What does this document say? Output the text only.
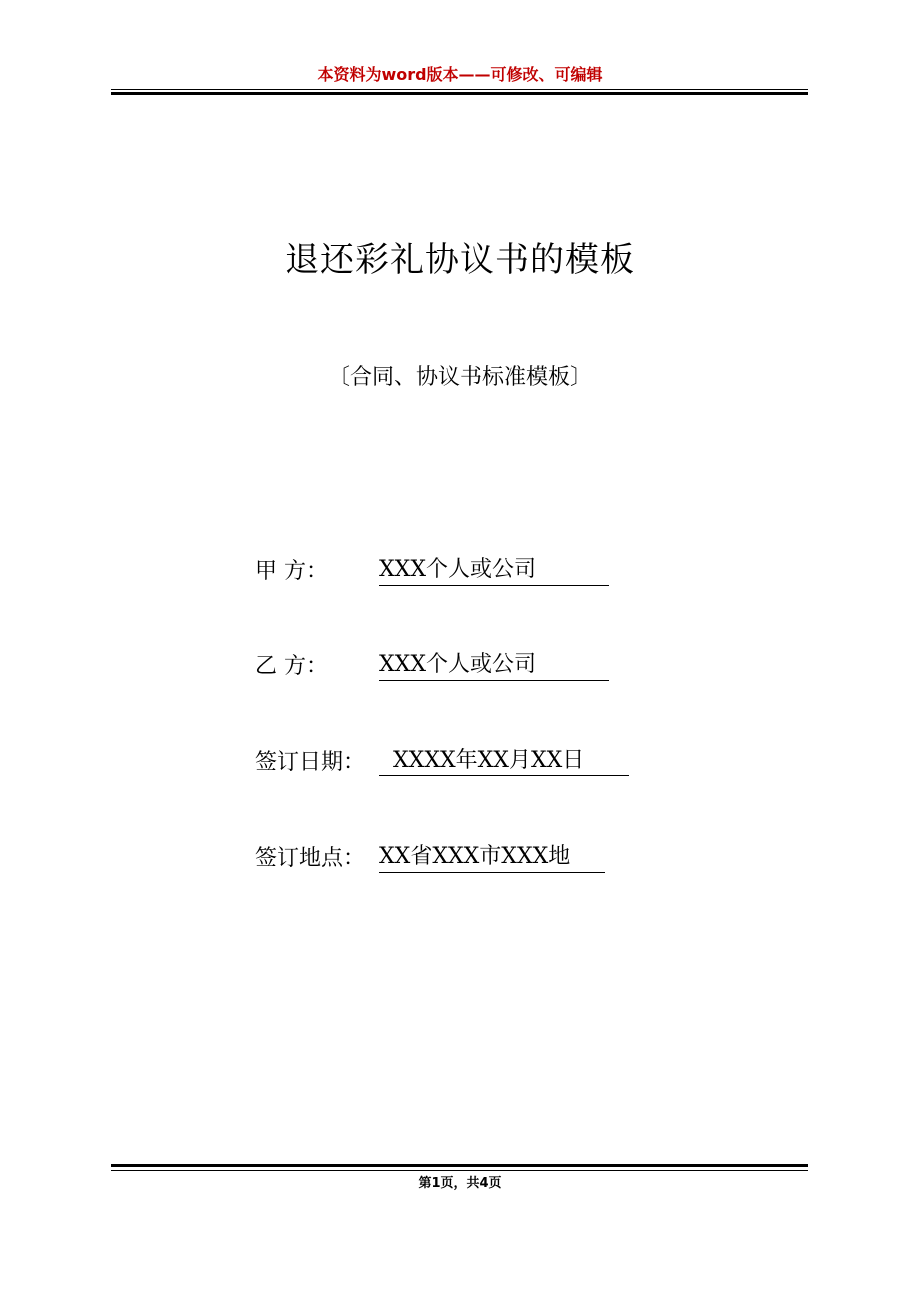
本资料为word版本——可修改、可编辑
退还彩礼协议书的模板
〔合同、协议书标准模板〕
甲 方： XXX个人或公司
乙 方： XXX个人或公司
签订日期： XXXX年XX月XX日
签订地点： XX省XXX市XXX地
第1页，共4页
